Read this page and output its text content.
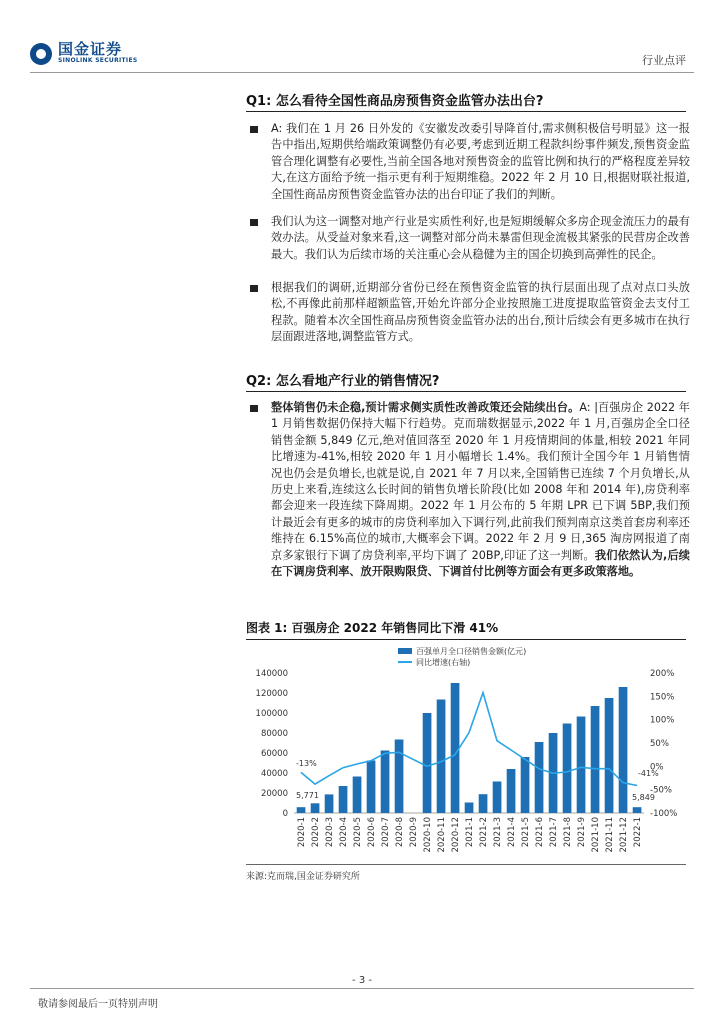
国金证券
SINOLINK SECURITIES	行业点评
Q1: 怎么看待全国性商品房预售资金监管办法出台?
A: 我们在 1 月 26 日外发的《安徽发改委引导降首付,需求侧积极信号明显》这一报告中指出,短期供给端政策调整仍有必要,考虑到近期工程款纠纷事件频发,预售资金监管合理化调整有必要性,当前全国各地对预售资金的监管比例和执行的严格程度差异较大,在这方面给予统一指示更有利于短期维稳。2022 年 2 月 10 日,根据财联社报道,全国性商品房预售资金监管办法的出台印证了我们的判断。
我们认为这一调整对地产行业是实质性利好,也是短期缓解众多房企现金流压力的最有效办法。从受益对象来看,这一调整对部分尚未暴雷但现金流极其紧张的民营房企改善最大。我们认为后续市场的关注重心会从稳健为主的国企切换到高弹性的民企。
根据我们的调研,近期部分省份已经在预售资金监管的执行层面出现了点对点口头放松,不再像此前那样超额监管,开始允许部分企业按照施工进度提取监管资金去支付工程款。随着本次全国性商品房预售资金监管办法的出台,预计后续会有更多城市在执行层面跟进落地,调整监管方式。
Q2: 怎么看地产行业的销售情况?
整体销售仍未企稳,预计需求侧实质性改善政策还会陆续出台。A: |百强房企 2022 年 1 月销售数据仍保持大幅下行趋势。克而瑞数据显示,2022 年 1 月,百强房企全口径销售金额 5,849 亿元,绝对值回落至 2020 年 1 月疫情期间的体量,相较 2021 年同比增速为-41%,相较 2020 年 1 月小幅增长 1.4%。我们预计全国今年 1 月销售情况也仍会是负增长,也就是说,自 2021 年 7 月以来,全国销售已连续 7 个月负增长,从历史上来看,连续这么长时间的销售负增长阶段(比如 2008 年和 2014 年),房贷利率都会迎来一段连续下降周期。2022 年 1 月公布的 5 年期 LPR 已下调 5BP,我们预计最近会有更多的城市的房贷利率加入下调行列,此前我们预判南京这类首套房利率还维持在 6.15%高位的城市,大概率会下调。2022 年 2 月 9 日,365 淘房网报道了南京多家银行下调了房贷利率,平均下调了 20BP,印证了这一判断。我们依然认为,后续在下调房贷利率、放开限购限贷、下调首付比例等方面会有更多政策落地。
图表 1: 百强房企 2022 年销售同比下滑 41%
140000
120000
100000
80000
60000
40000
20000
0
200%
150%
100%
50%
0%
-50%
-100%
2020-1 2020-2 2020-3 2020-4 2020-5 2020-6 2020-7 2020-8 2020-9 2020-10 2020-11 2020-12 2021-1 2021-2 2021-3 2021-4 2021-5 2021-6 2021-7 2021-8 2021-9 2021-10 2021-11 2021-12 2022-1
百强单月全口径销售金额(亿元)
同比增速(右轴)
5,771
-13%
-41%
5,849
来源:克而瑞,国金证券研究所
- 3 -
敬请参阅最后一页特别声明
